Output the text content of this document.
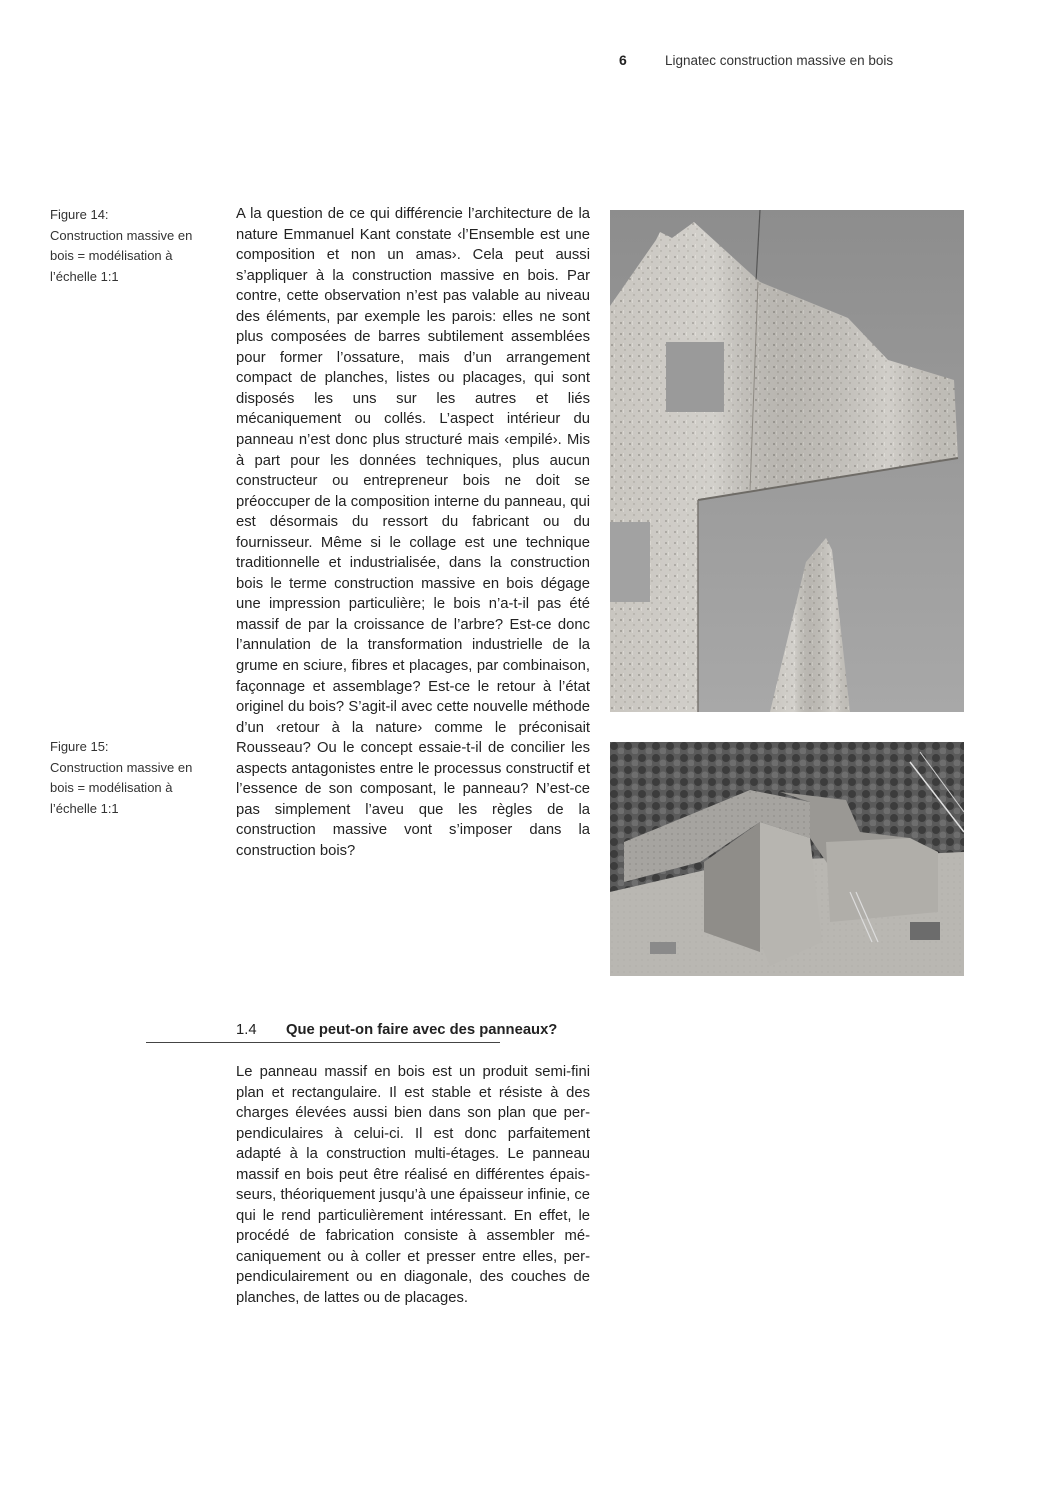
6	Lignatec construction massive en bois
Figure 14:
Construction massive en
bois = modélisation à
l’échelle 1:1
Figure 15:
Construction massive en
bois = modélisation à
l’échelle 1:1

A la question de ce qui différencie l’architecture de la nature Emmanuel Kant constate ‹l’Ensemble est une composition et non un amas›. Cela peut aussi s’appliquer à la construction massive en bois. Par contre, cette observation n’est pas valable au niveau des éléments, par exemple les parois: elles ne sont plus composées de barres subtilement assemblées pour former l’ossature, mais d’un arrangement compact de planches, listes ou placages, qui sont disposés les uns sur les autres et liés mécaniquement ou collés. L’aspect intérieur du panneau n’est donc plus structuré mais ‹empilé›. Mis à part pour les données techniques, plus aucun constructeur ou entrepreneur bois ne doit se préoccuper de la composition interne du panneau, qui est désormais du ressort du fabricant ou du fournisseur. Même si le collage est une technique traditionnelle et industrialisée, dans la construction bois le terme construction massive en bois dégage une impression particulière; le bois n’a-t-il pas été massif de par la croissance de l’arbre? Est-ce donc l’annulation de la transformation industrielle de la grume en sciure, fibres et placages, par combinaison, façonnage et assemblage? Est-ce le retour à l’état originel du bois? S’agit-il avec cette nouvelle méthode d’un ‹retour à la nature› comme le préconisait Rousseau? Ou le concept essaie-t-il de concilier les aspects antagonistes entre le processus constructif et l’essence de son composant, le panneau? N’est-ce pas simplement l’aveu que les règles de la construction massive vont s’imposer dans la construction bois?

1.4 Que peut-on faire avec des panneaux?

Le panneau massif en bois est un produit semi-fini plan et rectangulaire. Il est stable et résiste à des charges élevées aussi bien dans son plan que perpendiculaires à celui-ci. Il est donc parfaitement adapté à la construction multi-étages. Le panneau massif en bois peut être réalisé en différentes épaisseurs, théoriquement jusqu’à une épaisseur infinie, ce qui le rend particulièrement intéressant. En effet, le procédé de fabrication consiste à assembler mécaniquement ou à coller et presser entre elles, perpendiculairement ou en diagonale, des couches de planches, de lattes ou de placages.
